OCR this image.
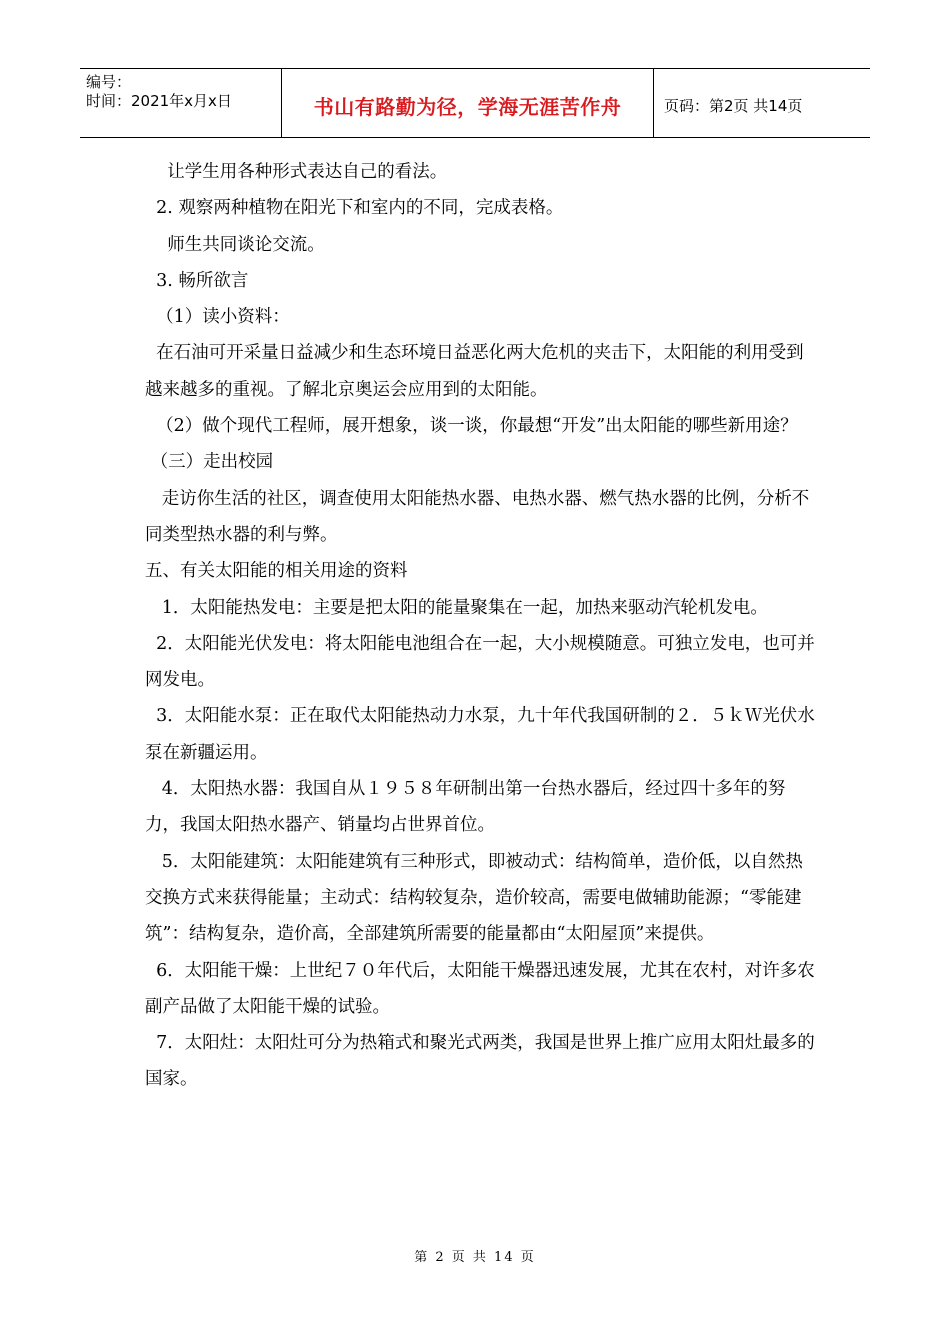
编号：
时间：2021年x月x日	书山有路勤为径，学海无涯苦作舟	页码：第2页 共14页

让学生用各种形式表达自己的看法。

2. 观察两种植物在阳光下和室内的不同，完成表格。

师生共同谈论交流。

3. 畅所欲言

（1）读小资料：

在石油可开采量日益减少和生态环境日益恶化两大危机的夹击下，太阳能的利用受到越来越多的重视。了解北京奥运会应用到的太阳能。

（2）做个现代工程师，展开想象，谈一谈，你最想“开发”出太阳能的哪些新用途？

（三）走出校园

走访你生活的社区，调查使用太阳能热水器、电热水器、燃气热水器的比例，分析不同类型热水器的利与弊。

五、有关太阳能的相关用途的资料

1．太阳能热发电：主要是把太阳的能量聚集在一起，加热来驱动汽轮机发电。

2．太阳能光伏发电：将太阳能电池组合在一起，大小规模随意。可独立发电，也可并网发电。

3．太阳能水泵：正在取代太阳能热动力水泵，九十年代我国研制的２．５ｋＷ光伏水泵在新疆运用。

4．太阳热水器：我国自从１９５８年研制出第一台热水器后，经过四十多年的努力，我国太阳热水器产、销量均占世界首位。

5．太阳能建筑：太阳能建筑有三种形式，即被动式：结构简单，造价低，以自然热交换方式来获得能量；主动式：结构较复杂，造价较高，需要电做辅助能源；“零能建筑”：结构复杂，造价高，全部建筑所需要的能量都由“太阳屋顶”来提供。

6．太阳能干燥：上世纪７０年代后，太阳能干燥器迅速发展，尤其在农村，对许多农副产品做了太阳能干燥的试验。

7．太阳灶：太阳灶可分为热箱式和聚光式两类，我国是世界上推广应用太阳灶最多的国家。

第 2 页 共 14 页
